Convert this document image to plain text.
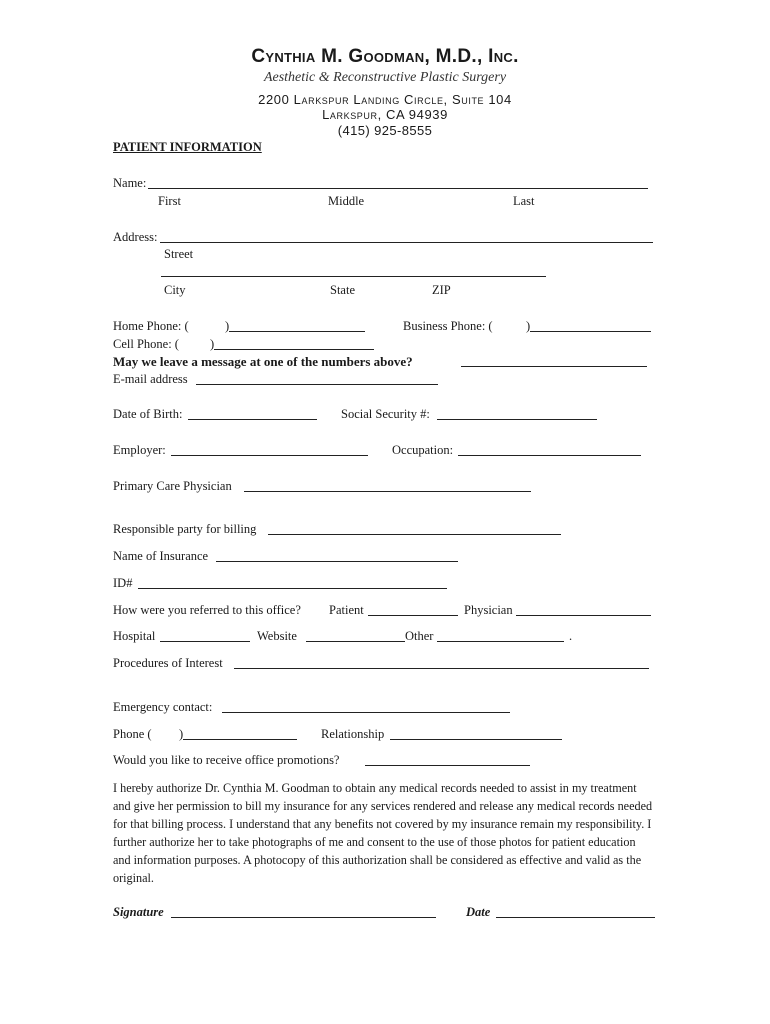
Cynthia M. Goodman, M.D., Inc.
Aesthetic & Reconstructive Plastic Surgery
2200 Larkspur Landing Circle, Suite 104
Larkspur, CA 94939
(415) 925-8555
PATIENT INFORMATION
Name:
First	Middle	Last
Address:
Street
City	State	ZIP
Home Phone: (	)	Business Phone: (	)
Cell Phone: ( )
May we leave a message at one of the numbers above?
E-mail address
Date of Birth:	Social Security #:
Employer:	Occupation:
Primary Care Physician
Responsible party for billing
Name of Insurance
ID#
How were you referred to this office? Patient	Physician
Hospital	Website	Other	.
Procedures of Interest
Emergency contact:
Phone ( )	Relationship
Would you like to receive office promotions?
I hereby authorize Dr. Cynthia M. Goodman to obtain any medical records needed to assist in my treatment and give her permission to bill my insurance for any services rendered and release any medical records needed for that billing process. I understand that any benefits not covered by my insurance remain my responsibility. I further authorize her to take photographs of me and consent to the use of those photos for patient education and information purposes. A photocopy of this authorization shall be considered as effective and valid as the original.
Signature	Date
